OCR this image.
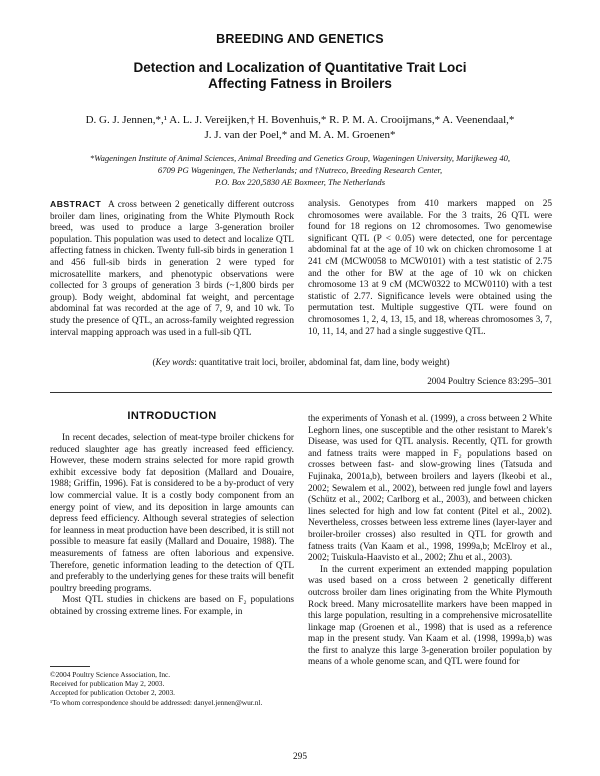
BREEDING AND GENETICS
Detection and Localization of Quantitative Trait Loci
Affecting Fatness in Broilers
D. G. J. Jennen,*,¹ A. L. J. Vereijken,† H. Bovenhuis,* R. P. M. A. Crooijmans,* A. Veenendaal,*
J. J. van der Poel,* and M. A. M. Groenen*
*Wageningen Institute of Animal Sciences, Animal Breeding and Genetics Group, Wageningen University, Marijkeweg 40,
6709 PG Wageningen, The Netherlands; and †Nutreco, Breeding Research Center,
P.O. Box 220,5830 AE Boxmeer, The Netherlands

ABSTRACT A cross between 2 genetically different outcross broiler dam lines, originating from the White Plymouth Rock breed, was used to produce a large 3-generation broiler population. This population was used to detect and localize QTL affecting fatness in chicken. Twenty full-sib birds in generation 1 and 456 full-sib birds in generation 2 were typed for microsatellite markers, and phenotypic observations were collected for 3 groups of generation 3 birds (~1,800 birds per group). Body weight, abdominal fat weight, and percentage abdominal fat was recorded at the age of 7, 9, and 10 wk. To study the presence of QTL, an across-family weighted regression interval mapping approach was used in a full-sib QTL

analysis. Genotypes from 410 markers mapped on 25 chromosomes were available. For the 3 traits, 26 QTL were found for 18 regions on 12 chromosomes. Two genomewise significant QTL (P < 0.05) were detected, one for percentage abdominal fat at the age of 10 wk on chicken chromosome 1 at 241 cM (MCW0058 to MCW0101) with a test statistic of 2.75 and the other for BW at the age of 10 wk on chicken chromosome 13 at 9 cM (MCW0322 to MCW0110) with a test statistic of 2.77. Significance levels were obtained using the permutation test. Multiple suggestive QTL were found on chromosomes 1, 2, 4, 13, 15, and 18, whereas chromosomes 3, 7, 10, 11, 14, and 27 had a single suggestive QTL.

(Key words: quantitative trait loci, broiler, abdominal fat, dam line, body weight)
2004 Poultry Science 83:295–301
INTRODUCTION

In recent decades, selection of meat-type broiler chickens for reduced slaughter age has greatly increased feed efficiency. However, these modern strains selected for more rapid growth exhibit excessive body fat deposition (Mallard and Douaire, 1988; Griffin, 1996). Fat is considered to be a by-product of very low commercial value. It is a costly body component from an energy point of view, and its deposition in large amounts can depress feed efficiency. Although several strategies of selection for leanness in meat production have been described, it is still not possible to measure fat easily (Mallard and Douaire, 1988). The measurements of fatness are often laborious and expensive. Therefore, genetic information leading to the detection of QTL and preferably to the underlying genes for these traits will benefit poultry breeding programs.

Most QTL studies in chickens are based on F₂ populations obtained by crossing extreme lines. For example, in

the experiments of Yonash et al. (1999), a cross between 2 White Leghorn lines, one susceptible and the other resistant to Marek’s Disease, was used for QTL analysis. Recently, QTL for growth and fatness traits were mapped in F₂ populations based on crosses between fast- and slow-growing lines (Tatsuda and Fujinaka, 2001a,b), between broilers and layers (Ikeobi et al., 2002; Sewalem et al., 2002), between red jungle fowl and layers (Schütz et al., 2002; Carlborg et al., 2003), and between chicken lines selected for high and low fat content (Pitel et al., 2002). Nevertheless, crosses between less extreme lines (layer-layer and broiler-broiler crosses) also resulted in QTL for growth and fatness traits (Van Kaam et al., 1998, 1999a,b; McElroy et al., 2002; Tuiskula-Haavisto et al., 2002; Zhu et al., 2003).

In the current experiment an extended mapping population was used based on a cross between 2 genetically different outcross broiler dam lines originating from the White Plymouth Rock breed. Many microsatellite markers have been mapped in this large population, resulting in a comprehensive microsatellite linkage map (Groenen et al., 1998) that is used as a reference map in the present study. Van Kaam et al. (1998, 1999a,b) was the first to analyze this large 3-generation broiler population by means of a whole genome scan, and QTL were found for

©2004 Poultry Science Association, Inc.
Received for publication May 2, 2003.
Accepted for publication October 2, 2003.
¹To whom correspondence should be addressed: danyel.jennen@wur.nl.
295
